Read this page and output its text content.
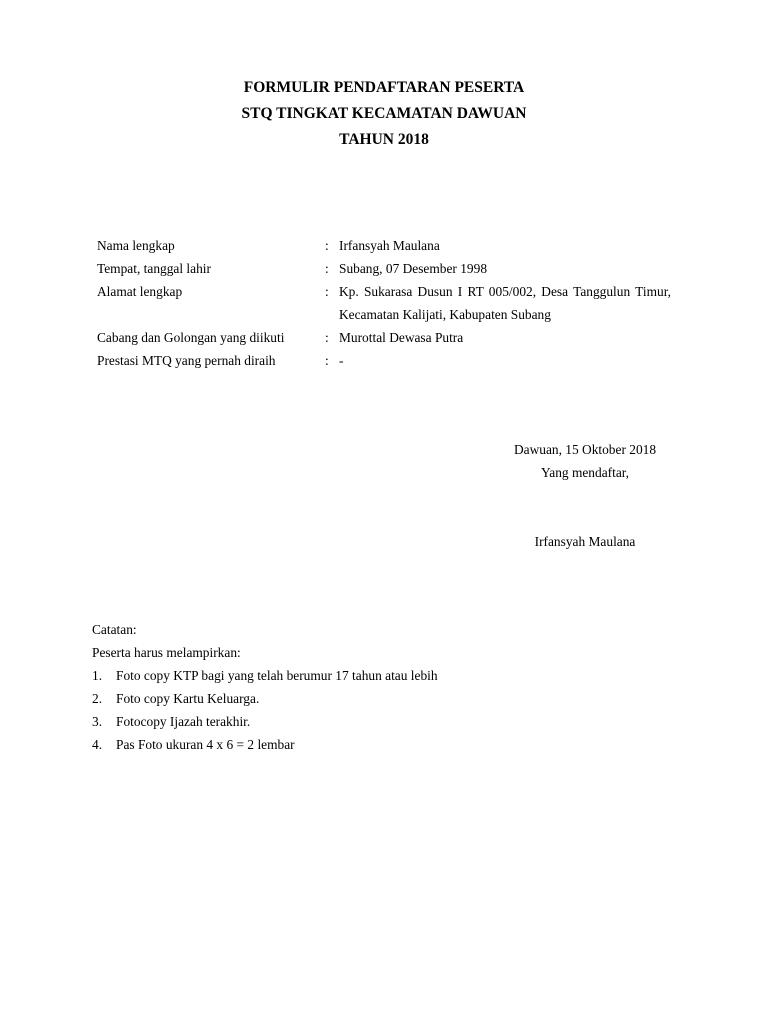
FORMULIR PENDAFTARAN PESERTA

STQ TINGKAT KECAMATAN DAWUAN

TAHUN 2018

Nama lengkap	: Irfansyah Maulana
Tempat, tanggal lahir	: Subang, 07 Desember 1998
Alamat lengkap	: Kp. Sukarasa Dusun I RT 005/002, Desa Tanggulun Timur, Kecamatan Kalijati, Kabupaten Subang
Cabang dan Golongan yang diikuti	: Murottal Dewasa Putra
Prestasi MTQ yang pernah diraih	: -
Dawuan, 15 Oktober 2018
Yang mendaftar,
Irfansyah Maulana

Catatan:

Peserta harus melampirkan:

1.	Foto copy KTP bagi yang telah berumur 17 tahun atau lebih
2.	Foto copy Kartu Keluarga.
3.	Fotocopy Ijazah terakhir.
4.	Pas Foto ukuran 4 x 6 = 2 lembar
